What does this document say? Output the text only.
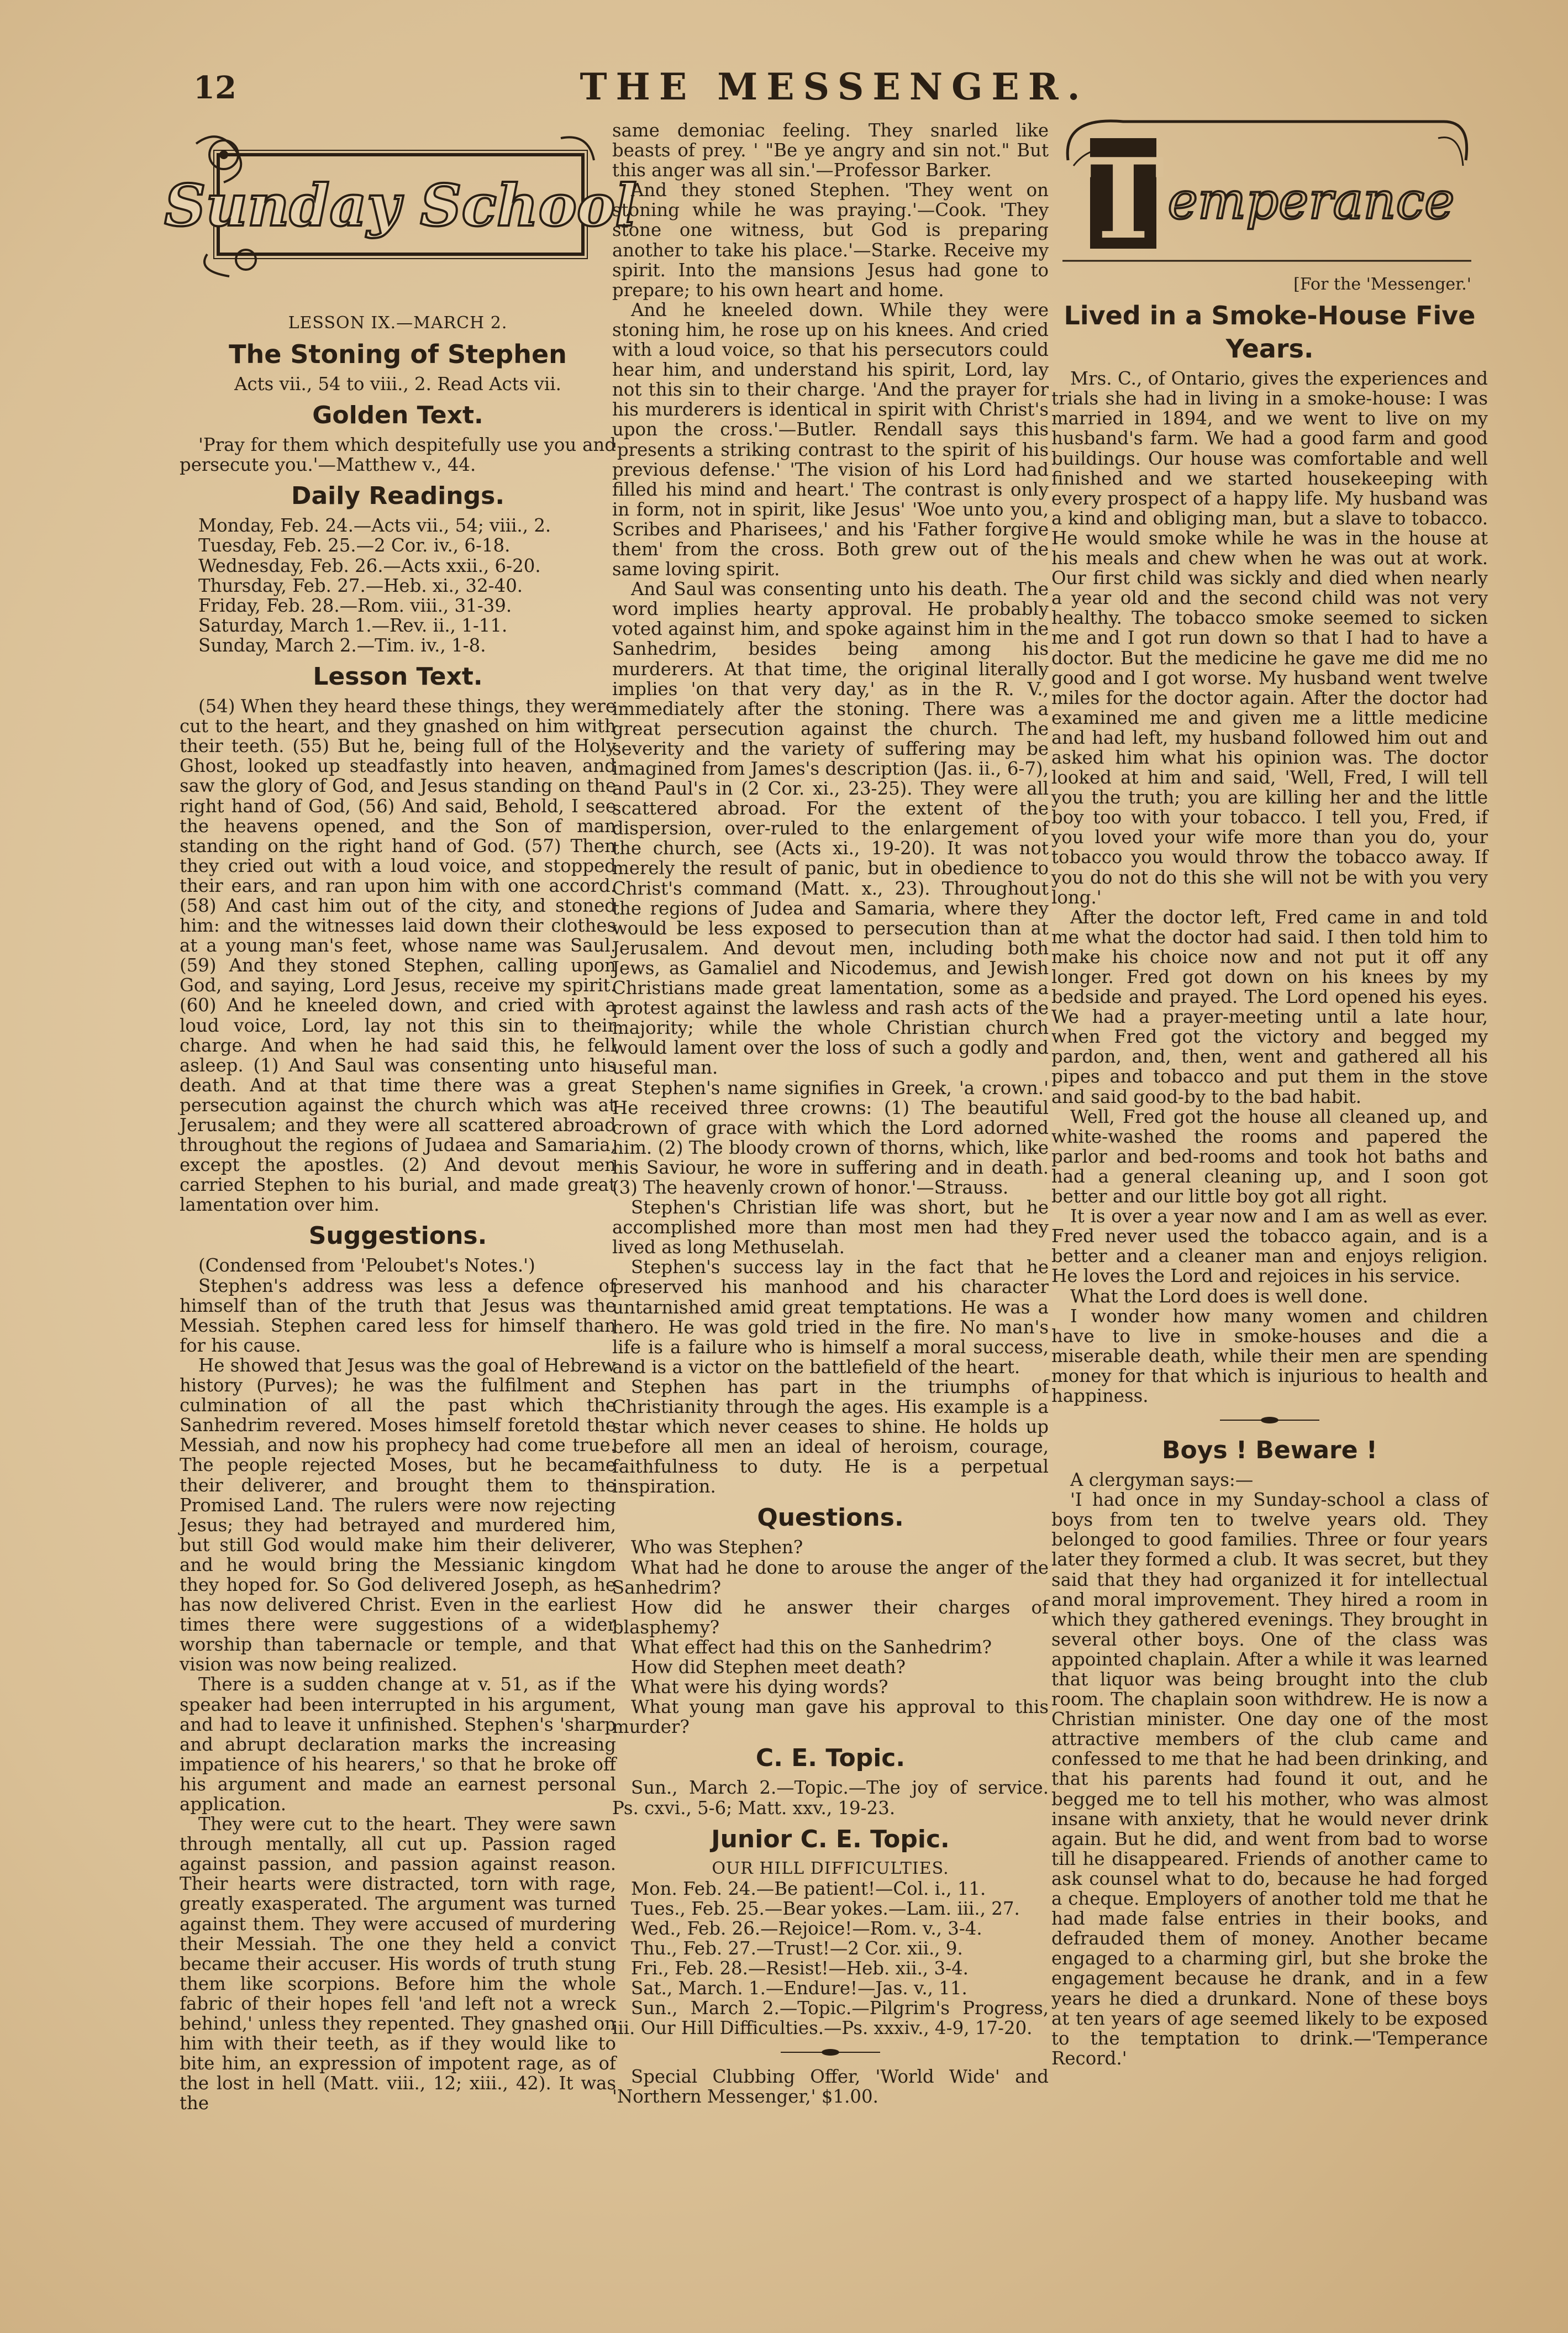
12	THE MESSENGER.
Sunday School
LESSON IX.—MARCH 2.
The Stoning of Stephen
Acts vii., 54 to viii., 2. Read Acts vii.
Golden Text.

'Pray for them which despitefully use you and persecute you.'—Matthew v., 44.

Daily Readings.

Monday, Feb. 24.—Acts vii., 54; viii., 2.

Tuesday, Feb. 25.—2 Cor. iv., 6-18.

Wednesday, Feb. 26.—Acts xxii., 6-20.

Thursday, Feb. 27.—Heb. xi., 32-40.

Friday, Feb. 28.—Rom. viii., 31-39.

Saturday, March 1.—Rev. ii., 1-11.

Sunday, March 2.—Tim. iv., 1-8.

Lesson Text.

(54) When they heard these things, they were cut to the heart, and they gnashed on him with their teeth. (55) But he, being full of the Holy Ghost, looked up steadfastly into heaven, and saw the glory of God, and Jesus standing on the right hand of God, (56) And said, Behold, I see the heavens opened, and the Son of man standing on the right hand of God. (57) Then they cried out with a loud voice, and stopped their ears, and ran upon him with one accord. (58) And cast him out of the city, and stoned him: and the witnesses laid down their clothes at a young man's feet, whose name was Saul. (59) And they stoned Stephen, calling upon God, and saying, Lord Jesus, receive my spirit. (60) And he kneeled down, and cried with a loud voice, Lord, lay not this sin to their charge. And when he had said this, he fell asleep. (1) And Saul was consenting unto his death. And at that time there was a great persecution against the church which was at Jerusalem; and they were all scattered abroad throughout the regions of Judaea and Samaria, except the apostles. (2) And devout men carried Stephen to his burial, and made great lamentation over him.

Suggestions.

(Condensed from 'Peloubet's Notes.')

Stephen's address was less a defence of himself than of the truth that Jesus was the Messiah. Stephen cared less for himself than for his cause.

He showed that Jesus was the goal of Hebrew history (Purves); he was the fulfilment and culmination of all the past which the Sanhedrim revered. Moses himself foretold the Messiah, and now his prophecy had come true. The people rejected Moses, but he became their deliverer, and brought them to the Promised Land. The rulers were now rejecting Jesus; they had betrayed and murdered him, but still God would make him their deliverer, and he would bring the Messianic kingdom they hoped for. So God delivered Joseph, as he has now delivered Christ. Even in the earliest times there were suggestions of a wider worship than tabernacle or temple, and that vision was now being realized.

There is a sudden change at v. 51, as if the speaker had been interrupted in his argument, and had to leave it unfinished. Stephen's 'sharp and abrupt declaration marks the increasing impatience of his hearers,' so that he broke off his argument and made an earnest personal application.

They were cut to the heart. They were sawn through mentally, all cut up. Passion raged against passion, and passion against reason. Their hearts were distracted, torn with rage, greatly exasperated. The argument was turned against them. They were accused of murdering their Messiah. The one they held a convict became their accuser. His words of truth stung them like scorpions. Before him the whole fabric of their hopes fell 'and left not a wreck behind,' unless they repented. They gnashed on him with their teeth, as if they would like to bite him, an expression of impotent rage, as of the lost in hell (Matt. viii., 12; xiii., 42). It was the

same demoniac feeling. They snarled like beasts of prey. ' "Be ye angry and sin not." But this anger was all sin.'—Professor Barker.

And they stoned Stephen. 'They went on stoning while he was praying.'—Cook. 'They stone one witness, but God is preparing another to take his place.'—Starke. Receive my spirit. Into the mansions Jesus had gone to prepare; to his own heart and home.

And he kneeled down. While they were stoning him, he rose up on his knees. And cried with a loud voice, so that his persecutors could hear him, and understand his spirit, Lord, lay not this sin to their charge. 'And the prayer for his murderers is identical in spirit with Christ's upon the cross.'—Butler. Rendall says this 'presents a striking contrast to the spirit of his previous defense.' 'The vision of his Lord had filled his mind and heart.' The contrast is only in form, not in spirit, like Jesus' 'Woe unto you, Scribes and Pharisees,' and his 'Father forgive them' from the cross. Both grew out of the same loving spirit.

And Saul was consenting unto his death. The word implies hearty approval. He probably voted against him, and spoke against him in the Sanhedrim, besides being among his murderers. At that time, the original literally implies 'on that very day,' as in the R. V., immediately after the stoning. There was a great persecution against the church. The severity and the variety of suffering may be imagined from James's description (Jas. ii., 6-7), and Paul's in (2 Cor. xi., 23-25). They were all scattered abroad. For the extent of the dispersion, over-ruled to the enlargement of the church, see (Acts xi., 19-20). It was not merely the result of panic, but in obedience to Christ's command (Matt. x., 23). Throughout the regions of Judea and Samaria, where they would be less exposed to persecution than at Jerusalem. And devout men, including both Jews, as Gamaliel and Nicodemus, and Jewish Christians made great lamentation, some as a protest against the lawless and rash acts of the majority; while the whole Christian church would lament over the loss of such a godly and useful man.

Stephen's name signifies in Greek, 'a crown.' He received three crowns: (1) The beautiful crown of grace with which the Lord adorned him. (2) The bloody crown of thorns, which, like his Saviour, he wore in suffering and in death. (3) The heavenly crown of honor.'—Strauss.

Stephen's Christian life was short, but he accomplished more than most men had they lived as long Methuselah.

Stephen's success lay in the fact that he preserved his manhood and his character untarnished amid great temptations. He was a hero. He was gold tried in the fire. No man's life is a failure who is himself a moral success, and is a victor on the battlefield of the heart.

Stephen has part in the triumphs of Christianity through the ages. His example is a star which never ceases to shine. He holds up before all men an ideal of heroism, courage, faithfulness to duty. He is a perpetual inspiration.

Questions.

Who was Stephen?

What had he done to arouse the anger of the Sanhedrim?

How did he answer their charges of blasphemy?

What effect had this on the Sanhedrim?

How did Stephen meet death?

What were his dying words?

What young man gave his approval to this murder?

C. E. Topic.

Sun., March 2.—Topic.—The joy of service. Ps. cxvi., 5-6; Matt. xxv., 19-23.

Junior C. E. Topic.
OUR HILL DIFFICULTIES.

Mon. Feb. 24.—Be patient!—Col. i., 11.

Tues., Feb. 25.—Bear yokes.—Lam. iii., 27.

Wed., Feb. 26.—Rejoice!—Rom. v., 3-4.

Thu., Feb. 27.—Trust!—2 Cor. xii., 9.

Fri., Feb. 28.—Resist!—Heb. xii., 3-4.

Sat., March. 1.—Endure!—Jas. v., 11.

Sun., March 2.—Topic.—Pilgrim's Progress, iii. Our Hill Difficulties.—Ps. xxxiv., 4-9, 17-20.

Special Clubbing Offer, 'World Wide' and 'Northern Messenger,' $1.00.

T emperance
[For the 'Messenger.'
Lived in a Smoke-House Five Years.

Mrs. C., of Ontario, gives the experiences and trials she had in living in a smoke-house: I was married in 1894, and we went to live on my husband's farm. We had a good farm and good buildings. Our house was comfortable and well finished and we started housekeeping with every prospect of a happy life. My husband was a kind and obliging man, but a slave to tobacco. He would smoke while he was in the house at his meals and chew when he was out at work. Our first child was sickly and died when nearly a year old and the second child was not very healthy. The tobacco smoke seemed to sicken me and I got run down so that I had to have a doctor. But the medicine he gave me did me no good and I got worse. My husband went twelve miles for the doctor again. After the doctor had examined me and given me a little medicine and had left, my husband followed him out and asked him what his opinion was. The doctor looked at him and said, 'Well, Fred, I will tell you the truth; you are killing her and the little boy too with your tobacco. I tell you, Fred, if you loved your wife more than you do, your tobacco you would throw the tobacco away. If you do not do this she will not be with you very long.'

After the doctor left, Fred came in and told me what the doctor had said. I then told him to make his choice now and not put it off any longer. Fred got down on his knees by my bedside and prayed. The Lord opened his eyes. We had a prayer-meeting until a late hour, when Fred got the victory and begged my pardon, and, then, went and gathered all his pipes and tobacco and put them in the stove and said good-by to the bad habit.

Well, Fred got the house all cleaned up, and white-washed the rooms and papered the parlor and bed-rooms and took hot baths and had a general cleaning up, and I soon got better and our little boy got all right.

It is over a year now and I am as well as ever. Fred never used the tobacco again, and is a better and a cleaner man and enjoys religion. He loves the Lord and rejoices in his service.

What the Lord does is well done.

I wonder how many women and children have to live in smoke-houses and die a miserable death, while their men are spending money for that which is injurious to health and happiness.

Boys ! Beware !

A clergyman says:—

'I had once in my Sunday-school a class of boys from ten to twelve years old. They belonged to good families. Three or four years later they formed a club. It was secret, but they said that they had organized it for intellectual and moral improvement. They hired a room in which they gathered evenings. They brought in several other boys. One of the class was appointed chaplain. After a while it was learned that liquor was being brought into the club room. The chaplain soon withdrew. He is now a Christian minister. One day one of the most attractive members of the club came and confessed to me that he had been drinking, and that his parents had found it out, and he begged me to tell his mother, who was almost insane with anxiety, that he would never drink again. But he did, and went from bad to worse till he disappeared. Friends of another came to ask counsel what to do, because he had forged a cheque. Employers of another told me that he had made false entries in their books, and defrauded them of money. Another became engaged to a charming girl, but she broke the engagement because he drank, and in a few years he died a drunkard. None of these boys at ten years of age seemed likely to be exposed to the temptation to drink.—'Temperance Record.'
